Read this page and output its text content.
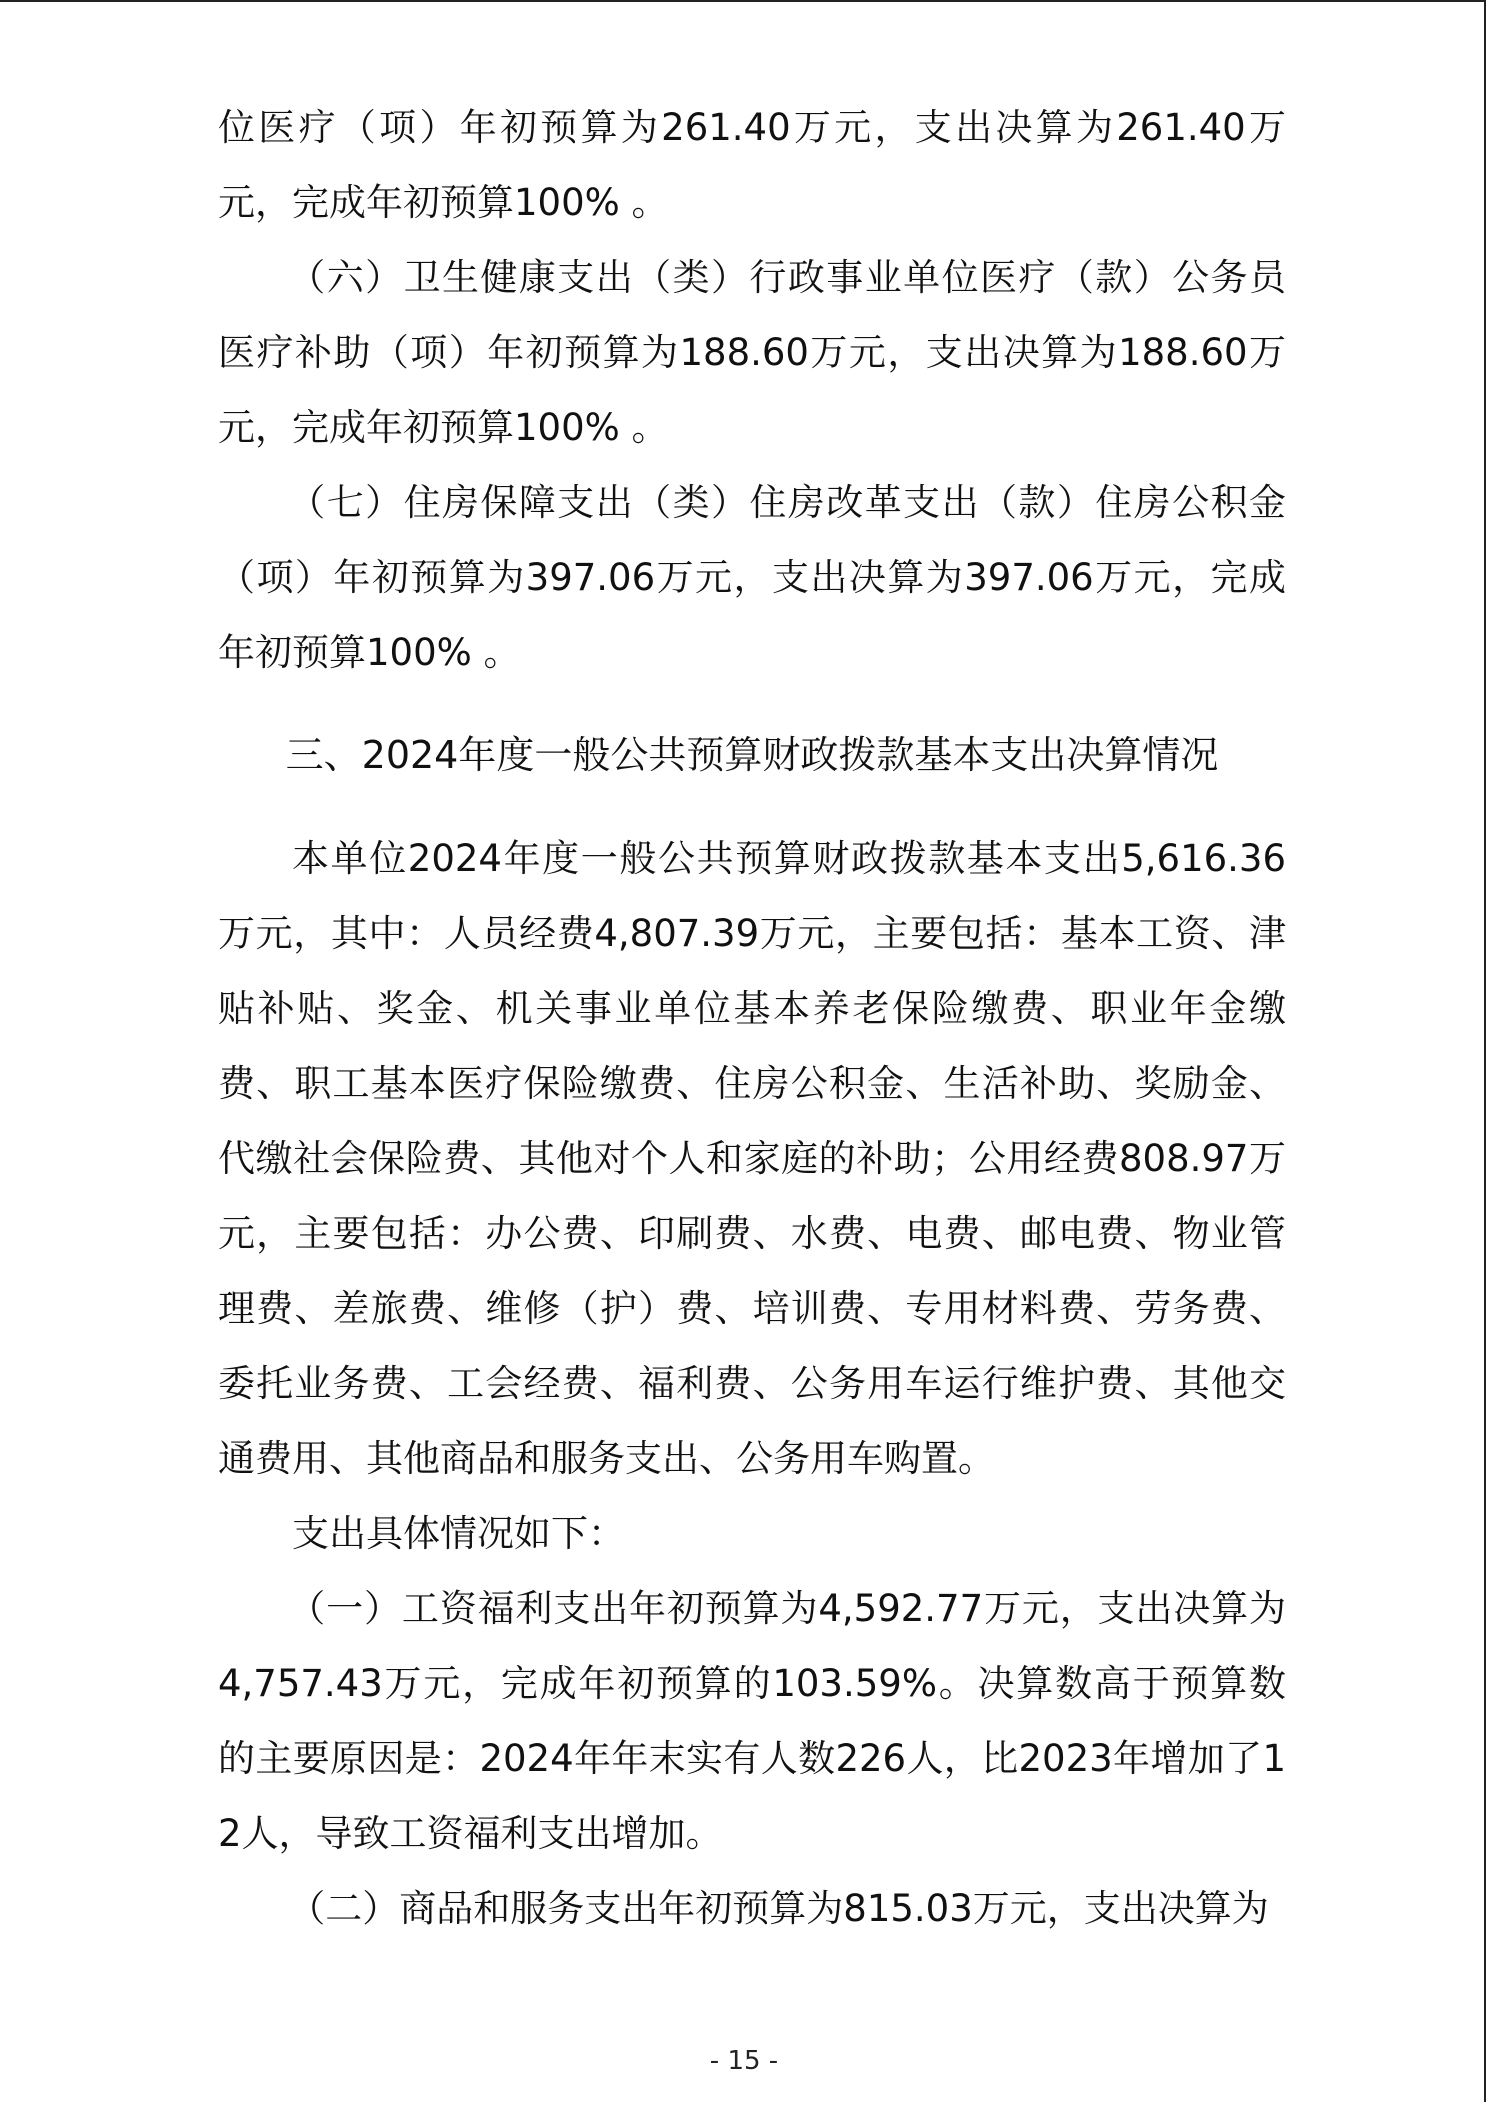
位医疗（项）年初预算为261.40万元，支出决算为261.40万元，完成年初预算100% 。

（六）卫生健康支出（类）行政事业单位医疗（款）公务员医疗补助（项）年初预算为188.60万元，支出决算为188.60万元，完成年初预算100% 。

（七）住房保障支出（类）住房改革支出（款）住房公积金（项）年初预算为397.06万元，支出决算为397.06万元，完成年初预算100% 。

三、2024年度一般公共预算财政拨款基本支出决算情况

本单位2024年度一般公共预算财政拨款基本支出5,616.36万元，其中：人员经费4,807.39万元，主要包括：基本工资、津贴补贴、奖金、机关事业单位基本养老保险缴费、职业年金缴费、职工基本医疗保险缴费、住房公积金、生活补助、奖励金、代缴社会保险费、其他对个人和家庭的补助；公用经费808.97万元，主要包括：办公费、印刷费、水费、电费、邮电费、物业管理费、差旅费、维修（护）费、培训费、专用材料费、劳务费、委托业务费、工会经费、福利费、公务用车运行维护费、其他交通费用、其他商品和服务支出、公务用车购置。

支出具体情况如下：

（一）工资福利支出年初预算为4,592.77万元，支出决算为4,757.43万元，完成年初预算的103.59%。决算数高于预算数的主要原因是：2024年年末实有人数226人，比2023年增加了12人，导致工资福利支出增加。

（二）商品和服务支出年初预算为815.03万元，支出决算为

- 15 -
